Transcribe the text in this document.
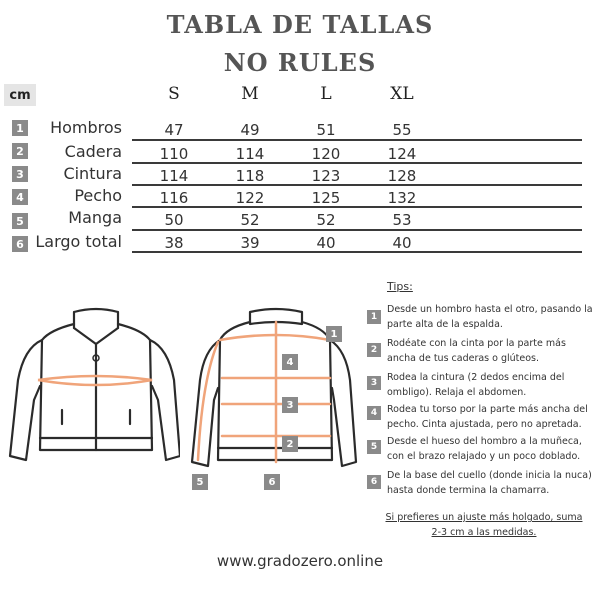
TABLA DE TALLAS
NO RULES
cm	S	M	L	XL
1	Hombros	47	49	51	55
2	Cadera	110	114	120	124
3	Cintura	114	118	123	128
4	Pecho	116	122	125	132
5	Manga	50	52	52	53
6 Largo total	38	39	40	40
1
2
3
4
5	6
Tips:
1
Desde un hombro hasta el otro, pasando la parte alta de la espalda.
2
Rodéate con la cinta por la parte más ancha de tus caderas o glúteos.
3	Rodea la cintura (2 dedos encima del ombligo). Relaja el abdomen.
4	Rodea tu torso por la parte más ancha del pecho. Cinta ajustada, pero no apretada.
5	Desde el hueso del hombro a la muñeca, con el brazo relajado y un poco doblado.
6
De la base del cuello (donde inicia la nuca) hasta donde termina la chamarra.
Si prefieres un ajuste más holgado, suma 2-3 cm a las medidas.
www.gradozero.online
